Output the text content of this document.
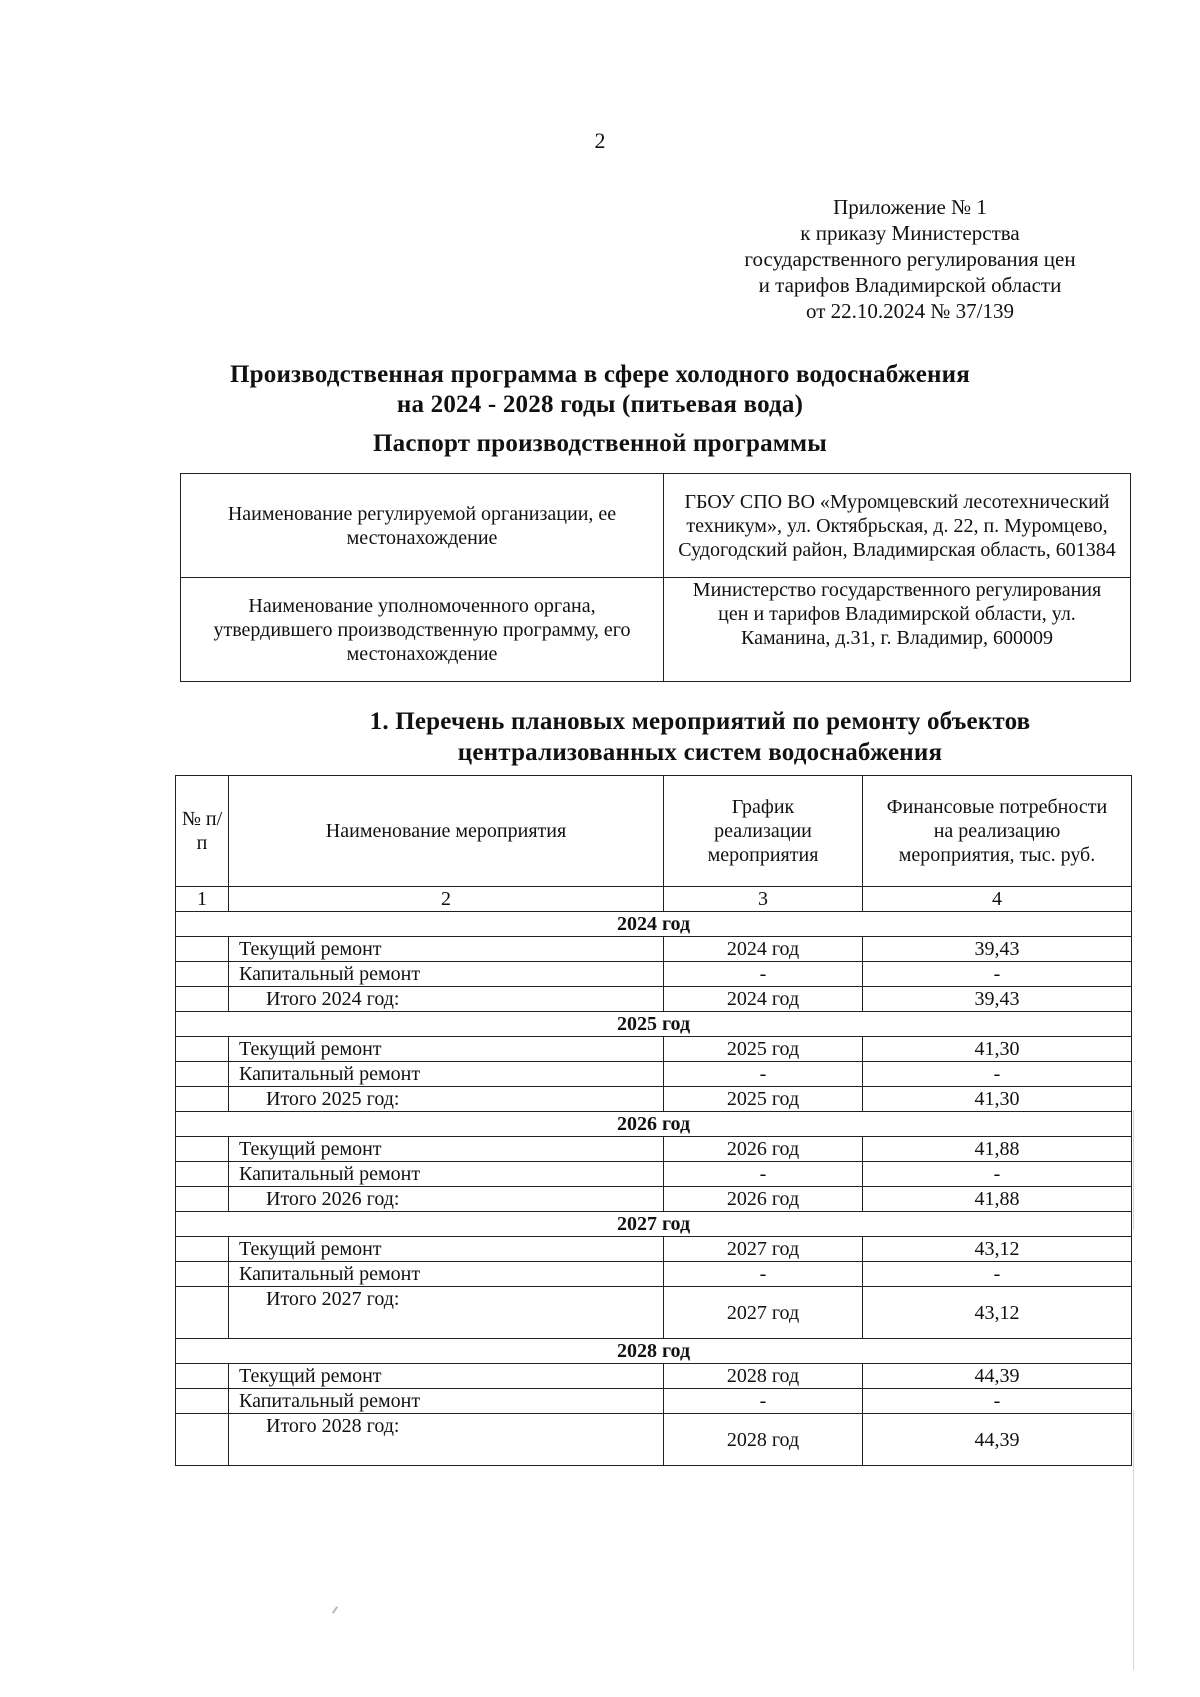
2
Приложение № 1
к приказу Министерства
государственного регулирования цен
и тарифов Владимирской области
от 22.10.2024 № 37/139
Производственная программа в сфере холодного водоснабжения
на 2024 - 2028 годы (питьевая вода)
Паспорт производственной программы
Наименование регулируемой организации, ее местонахождение	ГБОУ СПО ВО «Муромцевский лесотехнический техникум», ул. Октябрьская, д. 22, п. Муромцево, Судогодский район, Владимирская область, 601384
Наименование уполномоченного органа, утвердившего производственную программу, его местонахождение	Министерство государственного регулирования цен и тарифов Владимирской области, ул. Каманина, д.31, г. Владимир, 600009
1. Перечень плановых мероприятий по ремонту объектов
централизованных систем водоснабжения
№ п/п	Наименование мероприятия	График реализации мероприятия	Финансовые потребности на реализацию мероприятия, тыс. руб.
1	2	3	4
2024 год			
	Текущий ремонт	2024 год	39,43
	Капитальный ремонт	-	-
	Итого 2024 год:	2024 год	39,43
2025 год			
	Текущий ремонт	2025 год	41,30
	Капитальный ремонт	-	-
	Итого 2025 год:	2025 год	41,30
2026 год			
	Текущий ремонт	2026 год	41,88
	Капитальный ремонт	-	-
	Итого 2026 год:	2026 год	41,88
2027 год			
	Текущий ремонт	2027 год	43,12
	Капитальный ремонт	-	-
	Итого 2027 год:	2027 год	43,12
2028 год			
	Текущий ремонт	2028 год	44,39
	Капитальный ремонт	-	-
	Итого 2028 год:	2028 год	44,39
